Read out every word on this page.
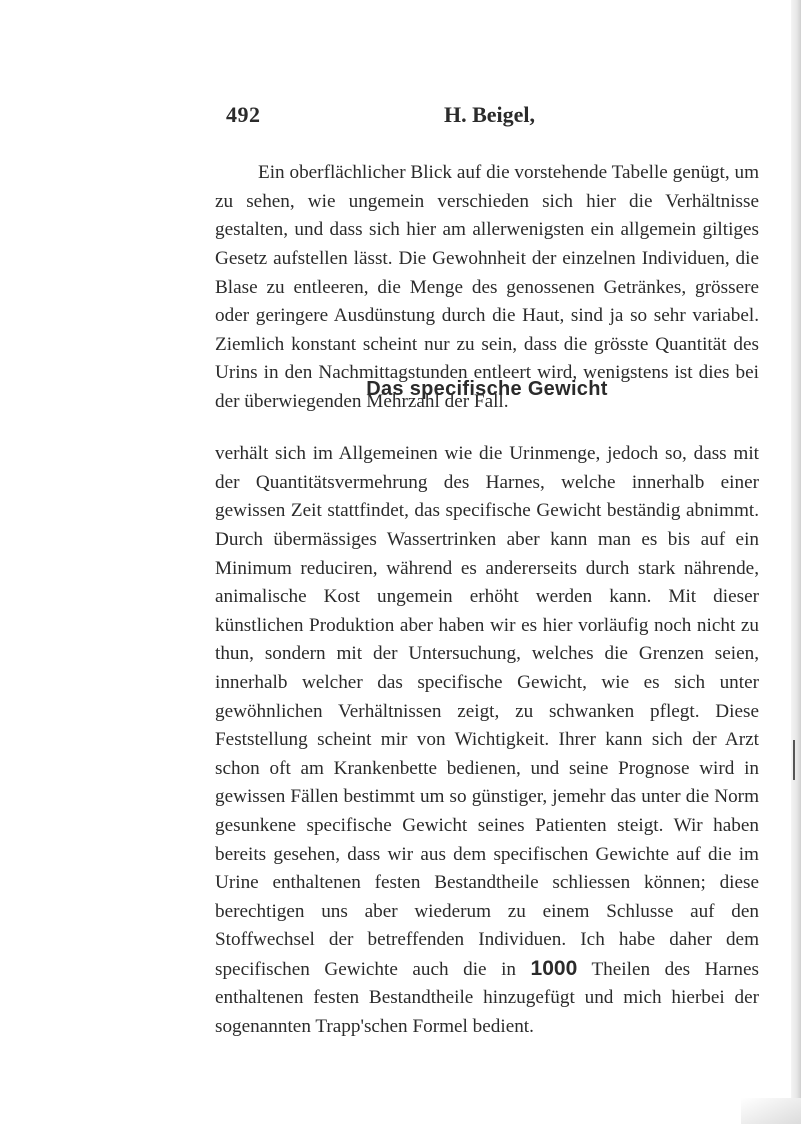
492	H. Beigel,

Ein oberflächlicher Blick auf die vorstehende Tabelle genügt, um zu sehen, wie ungemein verschieden sich hier die Verhältnisse gestalten, und dass sich hier am allerwenigsten ein allgemein giltiges Gesetz aufstellen lässt. Die Gewohnheit der einzelnen Individuen, die Blase zu entleeren, die Menge des genossenen Getränkes, grössere oder geringere Ausdünstung durch die Haut, sind ja so sehr variabel. Ziemlich konstant scheint nur zu sein, dass die grösste Quantität des Urins in den Nachmittagstunden entleert wird, wenigstens ist dies bei der überwiegenden Mehrzahl der Fall.

Das specifische Gewicht

verhält sich im Allgemeinen wie die Urinmenge, jedoch so, dass mit der Quantitätsvermehrung des Harnes, welche innerhalb einer gewissen Zeit stattfindet, das specifische Gewicht beständig abnimmt. Durch übermässiges Wassertrinken aber kann man es bis auf ein Minimum reduciren, während es andererseits durch stark nährende, animalische Kost ungemein erhöht werden kann. Mit dieser künstlichen Produktion aber haben wir es hier vorläufig noch nicht zu thun, sondern mit der Untersuchung, welches die Grenzen seien, innerhalb welcher das specifische Gewicht, wie es sich unter gewöhnlichen Verhältnissen zeigt, zu schwanken pflegt. Diese Feststellung scheint mir von Wichtigkeit. Ihrer kann sich der Arzt schon oft am Krankenbette bedienen, und seine Prognose wird in gewissen Fällen bestimmt um so günstiger, jemehr das unter die Norm gesunkene specifische Gewicht seines Patienten steigt. Wir haben bereits gesehen, dass wir aus dem specifischen Gewichte auf die im Urine enthaltenen festen Bestandtheile schliessen können; diese berechtigen uns aber wiederum zu einem Schlusse auf den Stoffwechsel der betreffenden Individuen. Ich habe daher dem specifischen Gewichte auch die in 1000 Theilen des Harnes enthaltenen festen Bestandtheile hinzugefügt und mich hierbei der sogenannten Trapp'schen Formel bedient.
